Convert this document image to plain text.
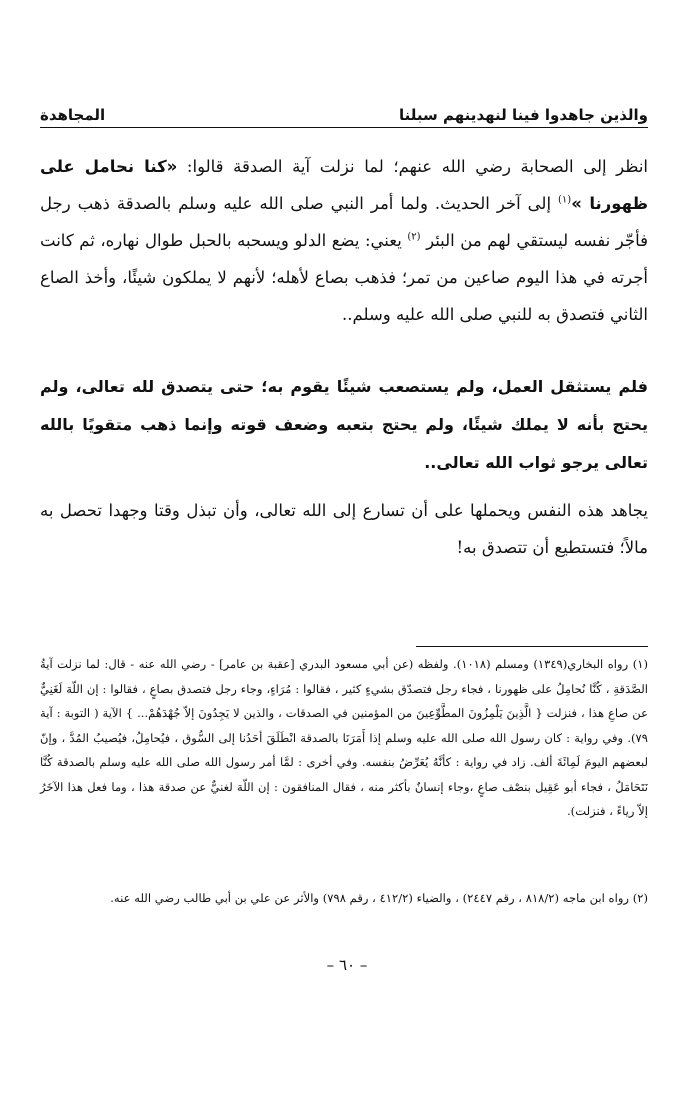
والذين جاهدوا فينا لنهدينهم سبلنا
المجاهدة

انظر إلى الصحابة رضي الله عنهم؛ لما نزلت آية الصدقة قالوا: «كنا نحامل على ظهورنا »$^{(١)}$ إلى آخر الحديث. ولما أمر النبي صلى الله عليه وسلم بالصدقة ذهب رجل فأجّر نفسه ليستقي لهم من البئر $^{(٢)}$ يعني: يضع الدلو ويسحبه بالحبل طوال نهاره، ثم كانت أجرته في هذا اليوم صاعين من تمر؛ فذهب بصاع لأهله؛ لأنهم لا يملكون شيئًا، وأخذ الصاع الثاني فتصدق به للنبي صلى الله عليه وسلم..

فلم يستثقل العمل، ولم يستصعب شيئًا يقوم به؛ حتى يتصدق لله تعالى، ولم يحتج بأنه لا يملك شيئًا، ولم يحتج بتعبه وضعف قوته وإنما ذهب متقويًا بالله تعالى يرجو ثواب الله تعالى..

يجاهد هذه النفس ويحملها على أن تسارع إلى الله تعالى، وأن تبذل وقتا وجهدا تحصل به مالاً؛ فتستطيع أن تتصدق به!

(١) رواه البخاري(١٣٤٩) ومسلم (١٠١٨). ولفظه (عن أبي مسعود البدري [عقبة بن عامر] - رضي الله عنه - قال: لما نزلت آيةُ الصَّدَقةِ ، كُنَّا نُحامِلُ على ظهورنا ، فجاء رجل فتصدّق بشيءٍ كثير ، فقالوا : مُرَاءٍ، وجاء رجل فتصدق بصاعٍ ، فقالوا : إن اللّهَ لَغَنِيٌّ عن صاعِ هذا ، فنزلت { الَّذِينَ يَلْمِزُونَ المطَّوِّعِينَ من المؤمنين في الصدقات ، والذين لا يَجِدُونَ إلاّ جُهْدَهُمْ... } الآية ( التوبة : آية ٧٩). وفي رواية : كان رسول الله صلى الله عليه وسلم إذا أَمَرَنَا بالصدقة انْطَلَقَ أحَدُنا إلى السُّوق ، فيُحامِلُ، فيُصيبُ المُدَّ ، وإنّ لبعضهم اليومَ لَمِائَةَ ألف. زاد في رواية : كأنَّهُ يُعَرِّضُ بنفسه. وفي أخرى : لمَّا أمر رسول الله صلى الله عليه وسلم بالصدقة كُنَّا نَتَحَامَلُ ، فجاء أبو عَقِيل بنصْف صاعٍ ،وجاء إنسانٌ بأكثر منه ، فقال المنافقون : إن اللّهَ لغنيٌّ عن صدقة هذا ، وما فعل هذا الآخَرُ إلاّ رياءً ، فنزلت).

(٢) رواه ابن ماجه (٨١٨/٢ ، رقم ٢٤٤٧) ، والضياء (٤١٢/٢ ، رقم ٧٩٨) والأثر عن علي بن أبي طالب رضي الله عنه.

– ٦٠ –
